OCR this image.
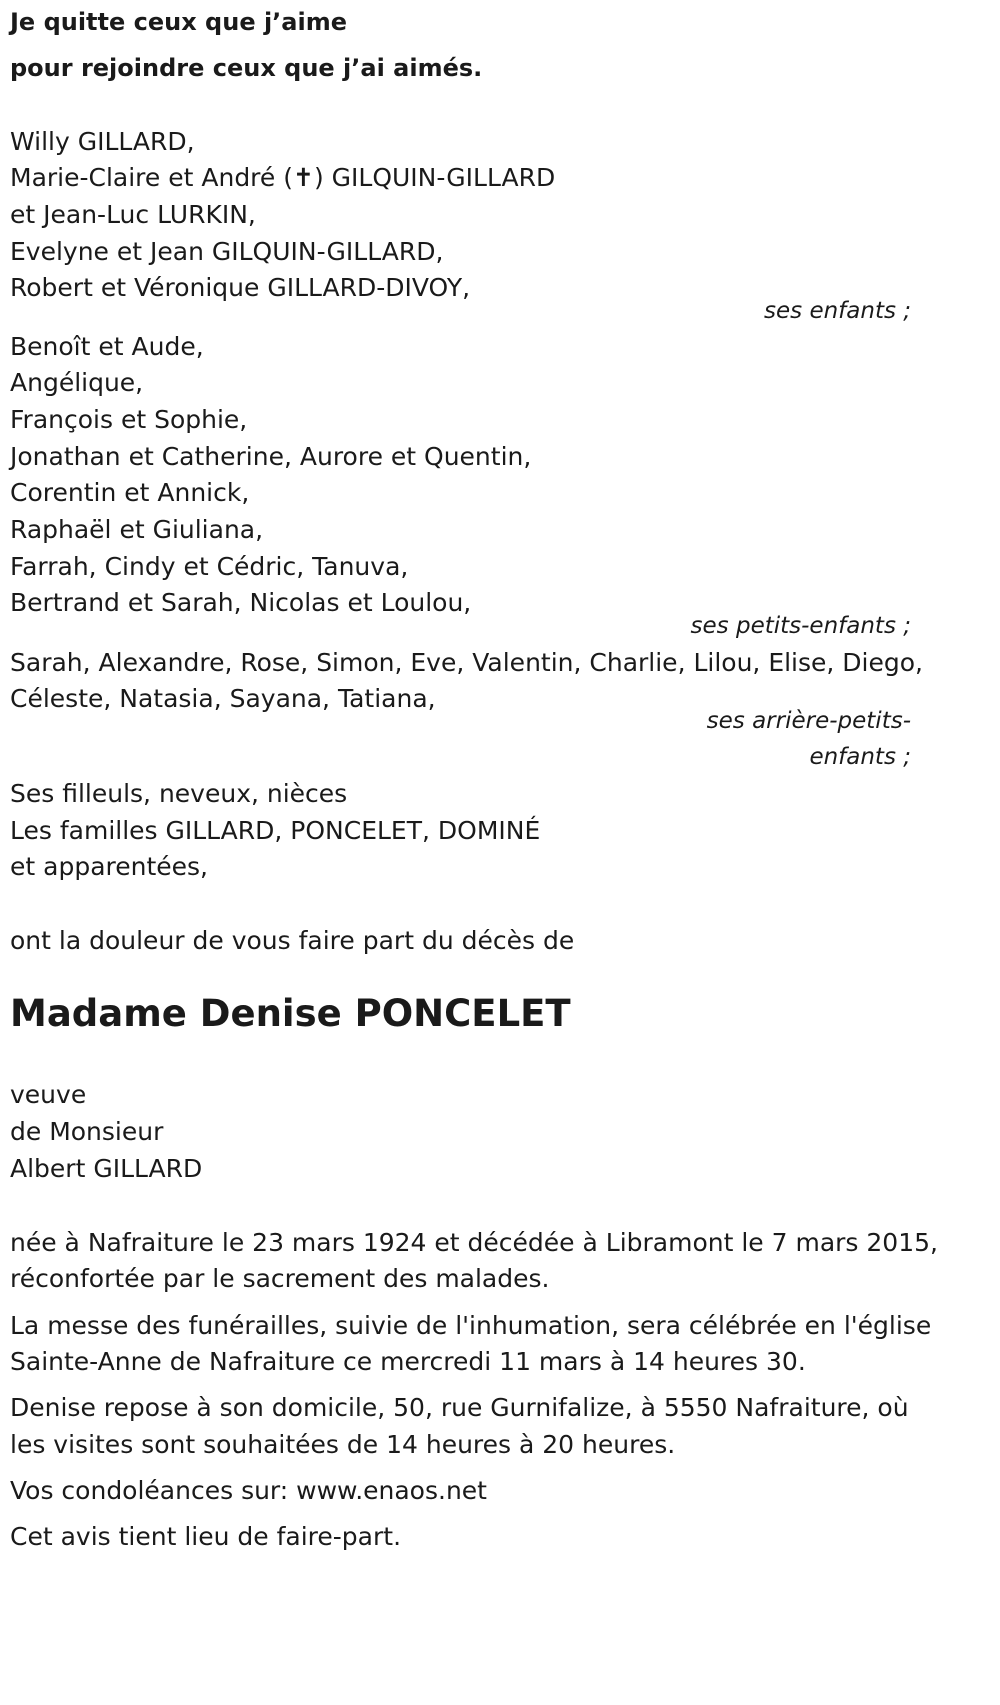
Je quitte ceux que j’aime
pour rejoindre ceux que j’ai aimés.
Willy GILLARD,
Marie-Claire et André (✝) GILQUIN-GILLARD
et Jean-Luc LURKIN,
Evelyne et Jean GILQUIN-GILLARD,
Robert et Véronique GILLARD-DIVOY,
ses enfants ;
Benoît et Aude,
Angélique,
François et Sophie,
Jonathan et Catherine, Aurore et Quentin,
Corentin et Annick,
Raphaël et Giuliana,
Farrah, Cindy et Cédric, Tanuva,
Bertrand et Sarah, Nicolas et Loulou,
ses petits-enfants ;
Sarah, Alexandre, Rose, Simon, Eve, Valentin, Charlie, Lilou, Elise, Diego,
Céleste, Natasia, Sayana, Tatiana,
ses arrière-petits-
enfants ;
Ses filleuls, neveux, nièces
Les familles GILLARD, PONCELET, DOMINÉ
et apparentées,
ont la douleur de vous faire part du décès de
Madame Denise PONCELET
veuve
de Monsieur
Albert GILLARD
née à Nafraiture le 23 mars 1924 et décédée à Libramont le 7 mars 2015,
réconfortée par le sacrement des malades.
La messe des funérailles, suivie de l'inhumation, sera célébrée en l'église
Sainte-Anne de Nafraiture ce mercredi 11 mars à 14 heures 30.
Denise repose à son domicile, 50, rue Gurnifalize, à 5550 Nafraiture, où
les visites sont souhaitées de 14 heures à 20 heures.
Vos condoléances sur: www.enaos.net
Cet avis tient lieu de faire-part.
